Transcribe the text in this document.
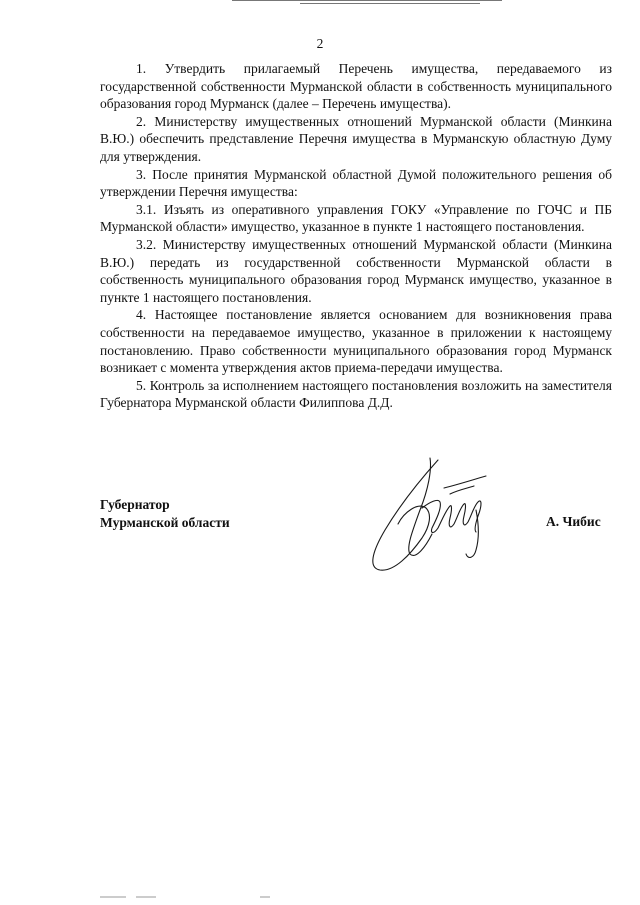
2

1. Утвердить прилагаемый Перечень имущества, передаваемого из государственной собственности Мурманской области в собственность муниципального образования город Мурманск (далее – Перечень имущества).

2. Министерству имущественных отношений Мурманской области (Минкина В.Ю.) обеспечить представление Перечня имущества в Мурманскую областную Думу для утверждения.

3. После принятия Мурманской областной Думой положительного решения об утверждении Перечня имущества:

3.1. Изъять из оперативного управления ГОКУ «Управление по ГОЧС и ПБ Мурманской области» имущество, указанное в пункте 1 настоящего постановления.

3.2. Министерству имущественных отношений Мурманской области (Минкина В.Ю.) передать из государственной собственности Мурманской области в собственность муниципального образования город Мурманск имущество, указанное в пункте 1 настоящего постановления.

4. Настоящее постановление является основанием для возникновения права собственности на передаваемое имущество, указанное в приложении к настоящему постановлению. Право собственности муниципального образования город Мурманск возникает с момента утверждения актов приема-передачи имущества.

5. Контроль за исполнением настоящего постановления возложить на заместителя Губернатора Мурманской области Филиппова Д.Д.

Губернатор
Мурманской области	А. Чибис
